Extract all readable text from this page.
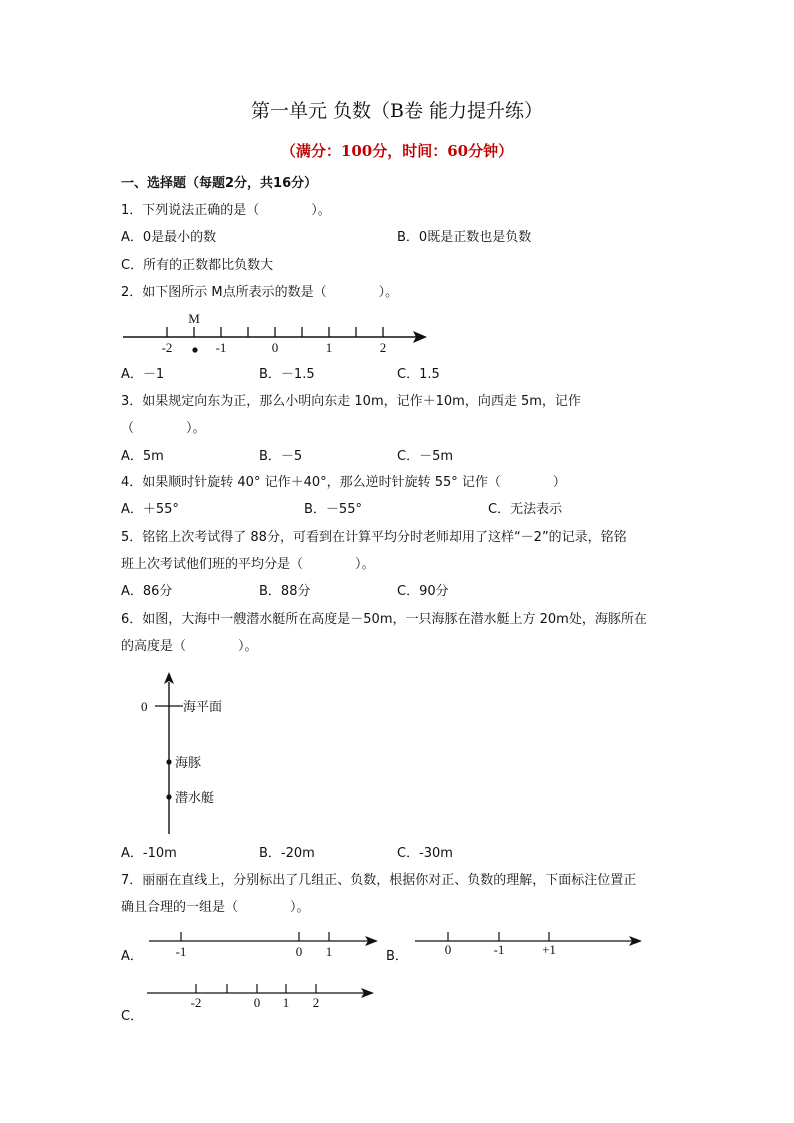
第一单元 负数（B卷 能力提升练）
（满分：100分，时间：60分钟）
一、选择题（每题2分，共16分）
1．下列说法正确的是（　　　　）。
A．0是最小的数	B．0既是正数也是负数
C．所有的正数都比负数大
2．如下图所示 M点所表示的数是（　　　　）。
M
-2	-1	0	1	2
A．－1	B．－1.5	C．1.5
3．如果规定向东为正，那么小明向东走 10m，记作＋10m，向西走 5m，记作
（　　　　）。
A．5m	B．－5	C．－5m
4．如果顺时针旋转 40° 记作＋40°，那么逆时针旋转 55° 记作（　　　　）
A．＋55°	B．－55°	C．无法表示
5．铭铭上次考试得了 88分，可看到在计算平均分时老师却用了这样“－2”的记录，铭铭
班上次考试他们班的平均分是（　　　　）。
A．86分	B．88分	C．90分
6．如图，大海中一艘潜水艇所在高度是－50m，一只海豚在潜水艇上方 20m处，海豚所在
的高度是（　　　　）。
0	海平面
海豚
潜水艇
A．-10m	B．-20m	C．-30m
7．丽丽在直线上，分别标出了几组正、负数，根据你对正、负数的理解，下面标注位置正
确且合理的一组是（　　　　）。
A．	-1	0 1	B．	0	-1	+1
C．
-2	0 1 2
